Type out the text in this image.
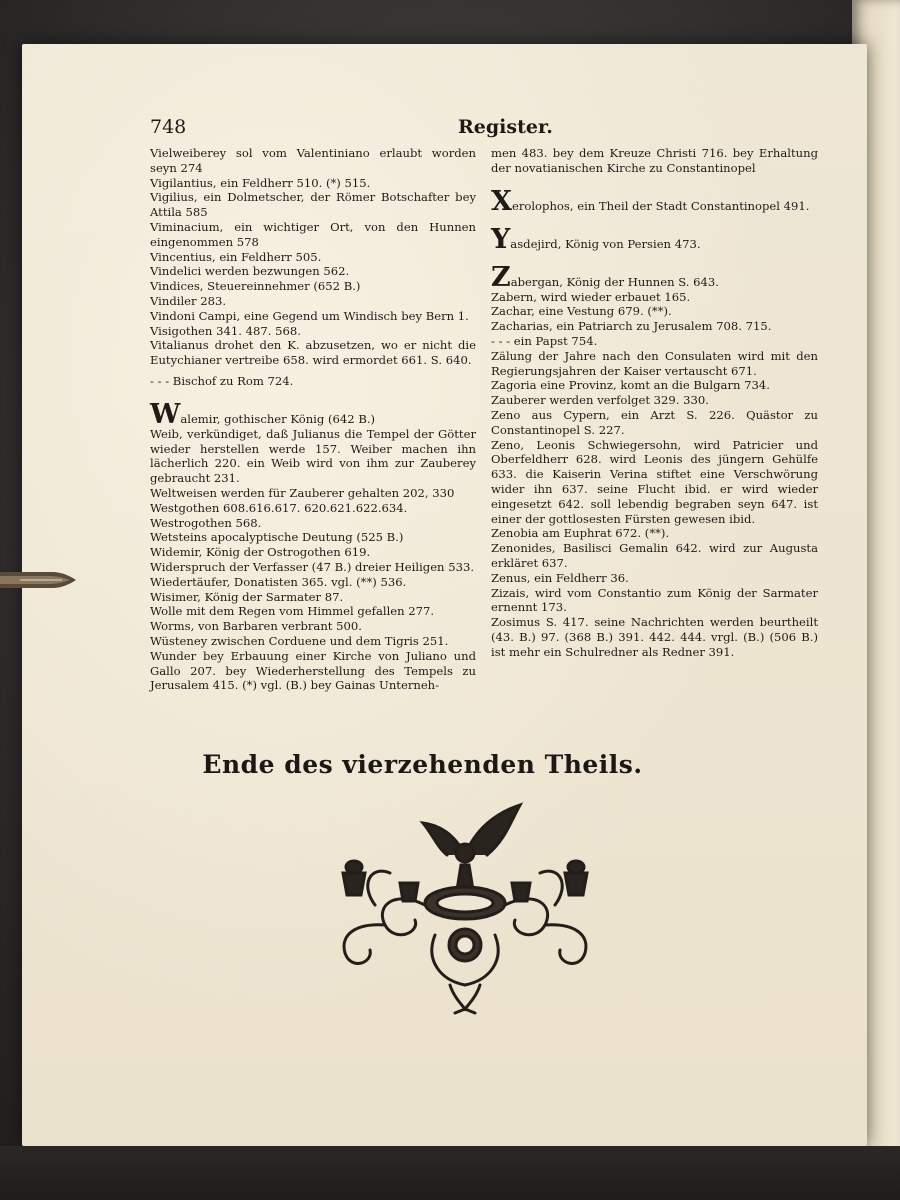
748	Register.

Vielweiberey sol vom Valentiniano erlaubt worden seyn 274

Vigilantius, ein Feldherr 510. (*) 515.

Vigilius, ein Dolmetscher, der Römer Botschafter bey Attila 585

Viminacium, ein wichtiger Ort, von den Hunnen eingenommen 578

Vincentius, ein Feldherr 505.

Vindelici werden bezwungen 562.

Vindices, Steuereinnehmer (652 B.)

Vindiler 283.

Vindoni Campi, eine Gegend um Windisch bey Bern 1.

Visigothen 341. 487. 568.

Vitalianus drohet den K. abzusetzen, wo er nicht die Eutychianer vertreibe 658. wird ermordet 661. S. 640.

‑ ‑ ‑ Bischof zu Rom 724.

Walemir, gothischer König (642 B.)

Weib, verkündiget, daß Julianus die Tempel der Götter wieder herstellen werde 157. Weiber machen ihn lächerlich 220. ein Weib wird von ihm zur Zauberey gebraucht 231.

Weltweisen werden für Zauberer gehalten 202, 330

Westgothen 608.616.617. 620.621.622.634.

Westrogothen 568.

Wetsteins apocalyptische Deutung (525 B.)

Widemir, König der Ostrogothen 619.

Widerspruch der Verfasser (47 B.) dreier Heiligen 533.

Wiedertäufer, Donatisten 365. vgl. (**) 536.

Wisimer, König der Sarmater 87.

Wolle mit dem Regen vom Himmel gefallen 277.

Worms, von Barbaren verbrant 500.

Wüsteney zwischen Corduene und dem Tigris 251.

Wunder bey Erbauung einer Kirche von Juliano und Gallo 207. bey Wiederherstellung des Tempels zu Jerusalem 415. (*) vgl. (B.) bey Gainas Unterneh-

men 483. bey dem Kreuze Christi 716. bey Erhaltung der novatianischen Kirche zu Constantinopel

Xerolophos, ein Theil der Stadt Constantinopel 491.

Yasdejird, König von Persien 473.

Zabergan, König der Hunnen S. 643.

Zabern, wird wieder erbauet 165.

Zachar, eine Vestung 679. (**).

Zacharias, ein Patriarch zu Jerusalem 708. 715.

‑ ‑ ‑ ein Papst 754.

Zälung der Jahre nach den Consulaten wird mit den Regierungsjahren der Kaiser vertauscht 671.

Zagoria eine Provinz, komt an die Bulgarn 734.

Zauberer werden verfolget 329. 330.

Zeno aus Cypern, ein Arzt S. 226. Quästor zu Constantinopel S. 227.

Zeno, Leonis Schwiegersohn, wird Patricier und Oberfeldherr 628. wird Leonis des jüngern Gehülfe 633. die Kaiserin Verina stiftet eine Verschwörung wider ihn 637. seine Flucht ibid. er wird wieder eingesetzt 642. soll lebendig begraben seyn 647. ist einer der gottlosesten Fürsten gewesen ibid.

Zenobia am Euphrat 672. (**).

Zenonides, Basilisci Gemalin 642. wird zur Augusta erkläret 637.

Zenus, ein Feldherr 36.

Zizais, wird vom Constantio zum König der Sarmater ernennt 173.

Zosimus S. 417. seine Nachrichten werden beurtheilt (43. B.) 97. (368 B.) 391. 442. 444. vrgl. (B.) (506 B.) ist mehr ein Schulredner als Redner 391.

Ende des vierzehenden Theils.
